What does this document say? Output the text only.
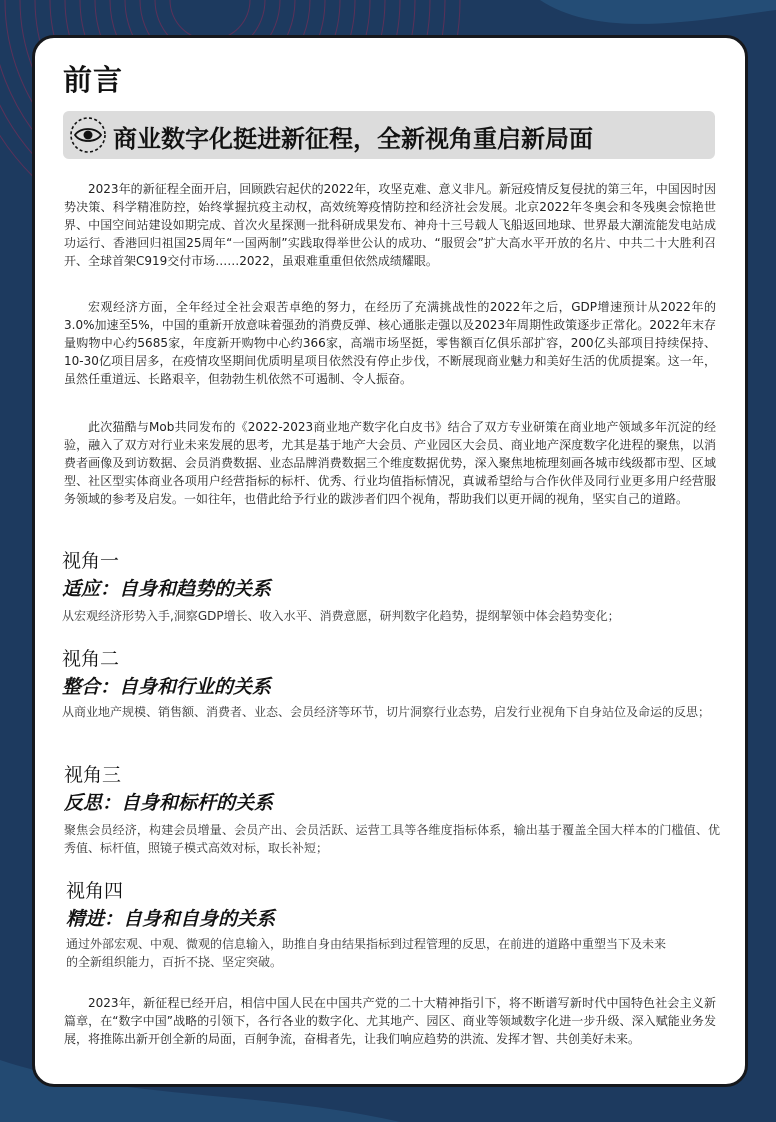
前言
商业数字化挺进新征程，全新视角重启新局面

2023年的新征程全面开启，回顾跌宕起伏的2022年，攻坚克难、意义非凡。新冠疫情反复侵扰的第三年，中国因时因势决策、科学精准防控，始终掌握抗疫主动权，高效统筹疫情防控和经济社会发展。北京2022年冬奥会和冬残奥会惊艳世界、中国空间站建设如期完成、首次火星探测一批科研成果发布、神舟十三号载人飞船返回地球、世界最大潮流能发电站成功运行、香港回归祖国25周年“一国两制”实践取得举世公认的成功、“服贸会”扩大高水平开放的名片、中共二十大胜利召开、全球首架C919交付市场……2022，虽艰难重重但依然成绩耀眼。

宏观经济方面，全年经过全社会艰苦卓绝的努力，在经历了充满挑战性的2022年之后，GDP增速预计从2022年的3.0%加速至5%，中国的重新开放意味着强劲的消费反弹、核心通胀走强以及2023年周期性政策逐步正常化。2022年末存量购物中心约5685家，年度新开购物中心约366家，高端市场坚挺，零售额百亿俱乐部扩容，200亿头部项目持续保持、10-30亿项目居多，在疫情攻坚期间优质明星项目依然没有停止步伐，不断展现商业魅力和美好生活的优质提案。这一年，虽然任重道远、长路艰辛，但勃勃生机依然不可遏制、令人振奋。

此次猫酷与Mob共同发布的《2022-2023商业地产数字化白皮书》结合了双方专业研策在商业地产领域多年沉淀的经验，融入了双方对行业未来发展的思考，尤其是基于地产大会员、产业园区大会员、商业地产深度数字化进程的聚焦，以消费者画像及到访数据、会员消费数据、业态品牌消费数据三个维度数据优势，深入聚焦地梳理刻画各城市线级都市型、区域型、社区型实体商业各项用户经营指标的标杆、优秀、行业均值指标情况，真诚希望给与合作伙伴及同行业更多用户经营服务领域的参考及启发。一如往年，也借此给予行业的跋涉者们四个视角，帮助我们以更开阔的视角，坚实自己的道路。

视角一
适应：自身和趋势的关系

从宏观经济形势入手,洞察GDP增长、收入水平、消费意愿，研判数字化趋势，提纲挈领中体会趋势变化；

视角二
整合：自身和行业的关系

从商业地产规模、销售额、消费者、业态、会员经济等环节，切片洞察行业态势，启发行业视角下自身站位及命运的反思；

视角三
反思：自身和标杆的关系

聚焦会员经济，构建会员增量、会员产出、会员活跃、运营工具等各维度指标体系，输出基于覆盖全国大样本的门槛值、优秀值、标杆值，照镜子模式高效对标，取长补短；

视角四
精进：自身和自身的关系

通过外部宏观、中观、微观的信息输入，助推自身由结果指标到过程管理的反思，在前进的道路中重塑当下及未来的全新组织能力，百折不挠、坚定突破。

2023年，新征程已经开启，相信中国人民在中国共产党的二十大精神指引下，将不断谱写新时代中国特色社会主义新篇章，在“数字中国”战略的引领下，各行各业的数字化、尤其地产、园区、商业等领域数字化进一步升级、深入赋能业务发展，将推陈出新开创全新的局面，百舸争流，奋楫者先，让我们响应趋势的洪流、发挥才智、共创美好未来。
